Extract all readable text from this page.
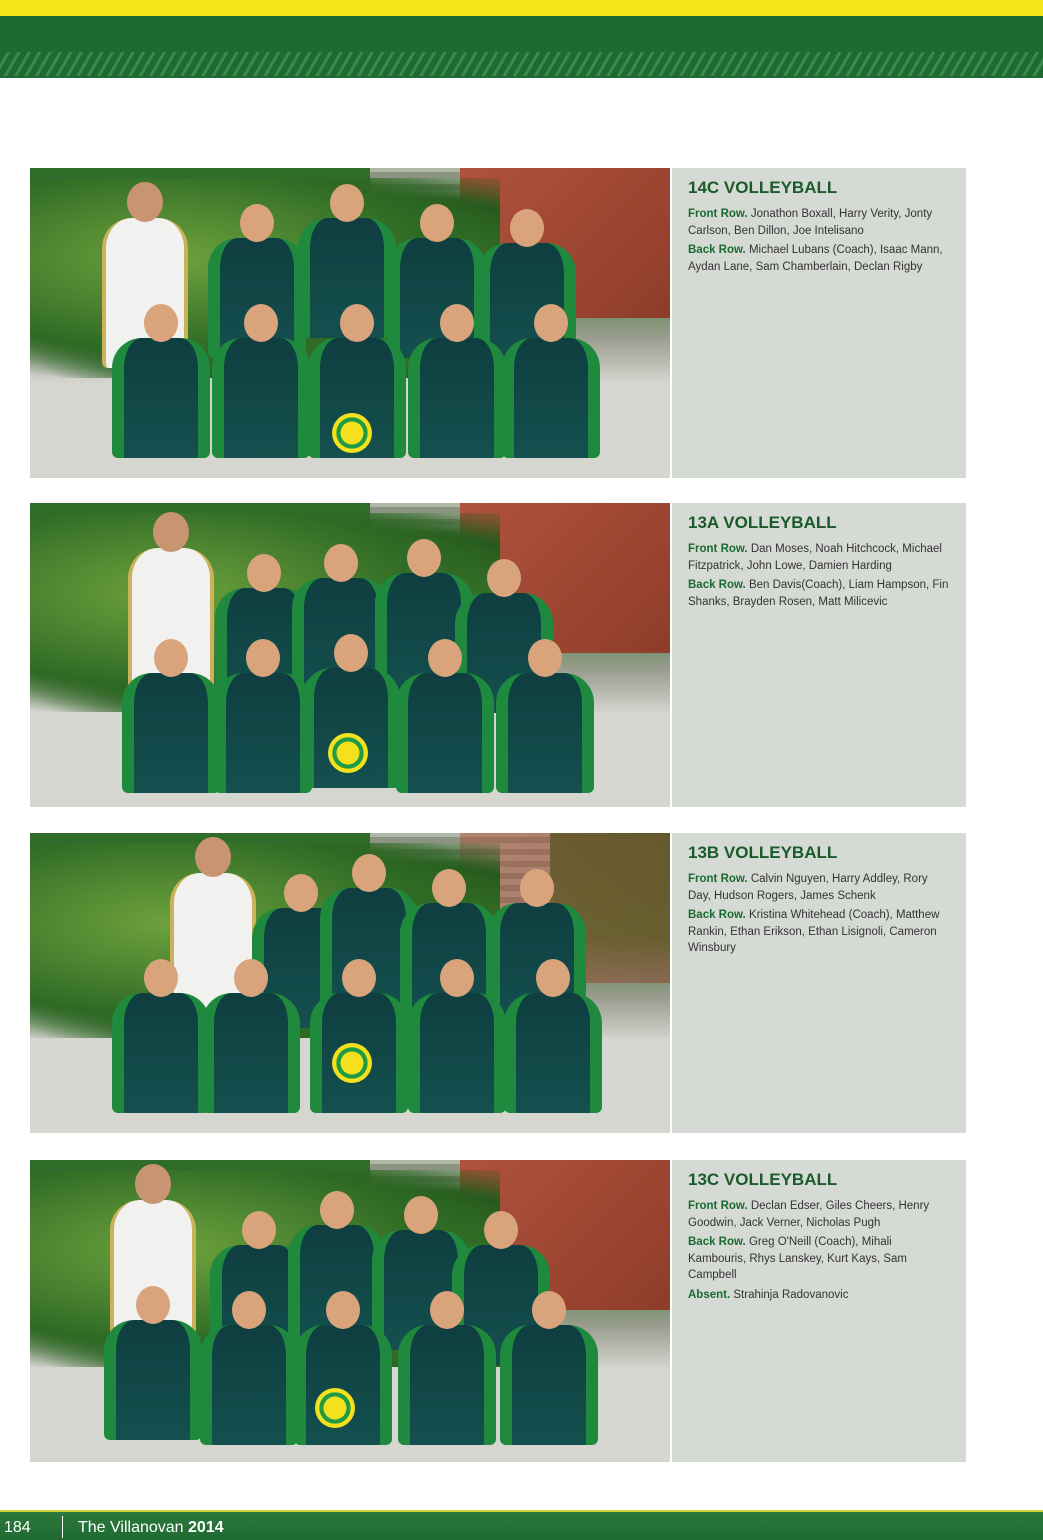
14C VOLLEYBALL

Front Row. Jonathon Boxall, Harry Verity, Jonty Carlson, Ben Dillon, Joe Intelisano

Back Row. Michael Lubans (Coach), Isaac Mann, Aydan Lane, Sam Chamberlain, Declan Rigby

13A VOLLEYBALL

Front Row. Dan Moses, Noah Hitchcock, Michael Fitzpatrick, John Lowe, Damien Harding

Back Row. Ben Davis(Coach), Liam Hampson, Fin Shanks, Brayden Rosen, Matt Milicevic

13B VOLLEYBALL

Front Row. Calvin Nguyen, Harry Addley, Rory Day, Hudson Rogers, James Schenk

Back Row. Kristina Whitehead (Coach), Matthew Rankin, Ethan Erikson, Ethan Lisignoli, Cameron Winsbury

13C VOLLEYBALL

Front Row. Declan Edser, Giles Cheers, Henry Goodwin, Jack Verner, Nicholas Pugh

Back Row. Greg O'Neill (Coach), Mihali Kambouris, Rhys Lanskey, Kurt Kays, Sam Campbell

Absent. Strahinja Radovanovic

184	The Villanovan 2014
